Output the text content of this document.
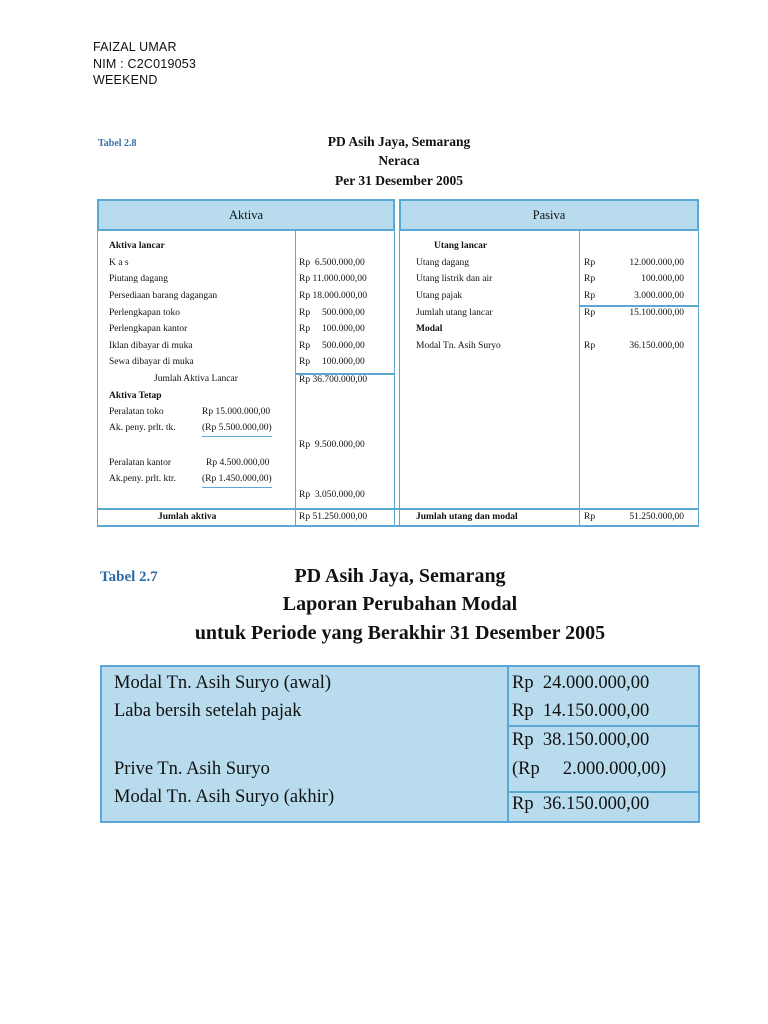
FAIZAL UMAR
NIM : C2C019053
WEEKEND
Tabel 2.8	PD Asih Jaya, Semarang
Neraca
Per 31 Desember 2005
Aktiva	Pasiva
Aktiva lancar
K a s	Rp  6.500.000,00
Piutang dagang	Rp 11.000.000,00
Persediaan barang dagangan	Rp 18.000.000,00
Perlengkapan toko	Rp     500.000,00
Perlengkapan kantor	Rp     100.000,00
Iklan dibayar di muka	Rp     500.000,00
Sewa dibayar di muka	Rp     100.000,00
Jumlah Aktiva Lancar	Rp 36.700.000,00
Aktiva Tetap
Peralatan toko	Rp 15.000.000,00
Ak. peny. prlt. tk.	(Rp 5.500.000,00)
Rp  9.500.000,00
Peralatan kantor	Rp 4.500.000,00
Ak.peny. prlt. ktr.	(Rp 1.450.000,00)
Rp  3.050.000,00
Jumlah aktiva	Rp 51.250.000,00
Utang lancar
Utang dagang	Rp	12.000.000,00
Utang listrik dan air	Rp	100.000,00
Utang pajak	Rp	3.000.000,00
Jumlah utang lancar	Rp	15.100.000,00
Modal
Modal Tn. Asih Suryo	Rp	36.150.000,00
Jumlah utang dan modal	Rp	51.250.000,00
Tabel 2.7	PD Asih Jaya, Semarang
Laporan Perubahan Modal
untuk Periode yang Berakhir 31 Desember 2005
Modal Tn. Asih Suryo (awal)	Rp  24.000.000,00
Laba bersih setelah pajak	Rp  14.150.000,00
Rp  38.150.000,00
Prive Tn. Asih Suryo	(Rp     2.000.000,00)
Modal Tn. Asih Suryo (akhir)	Rp  36.150.000,00
